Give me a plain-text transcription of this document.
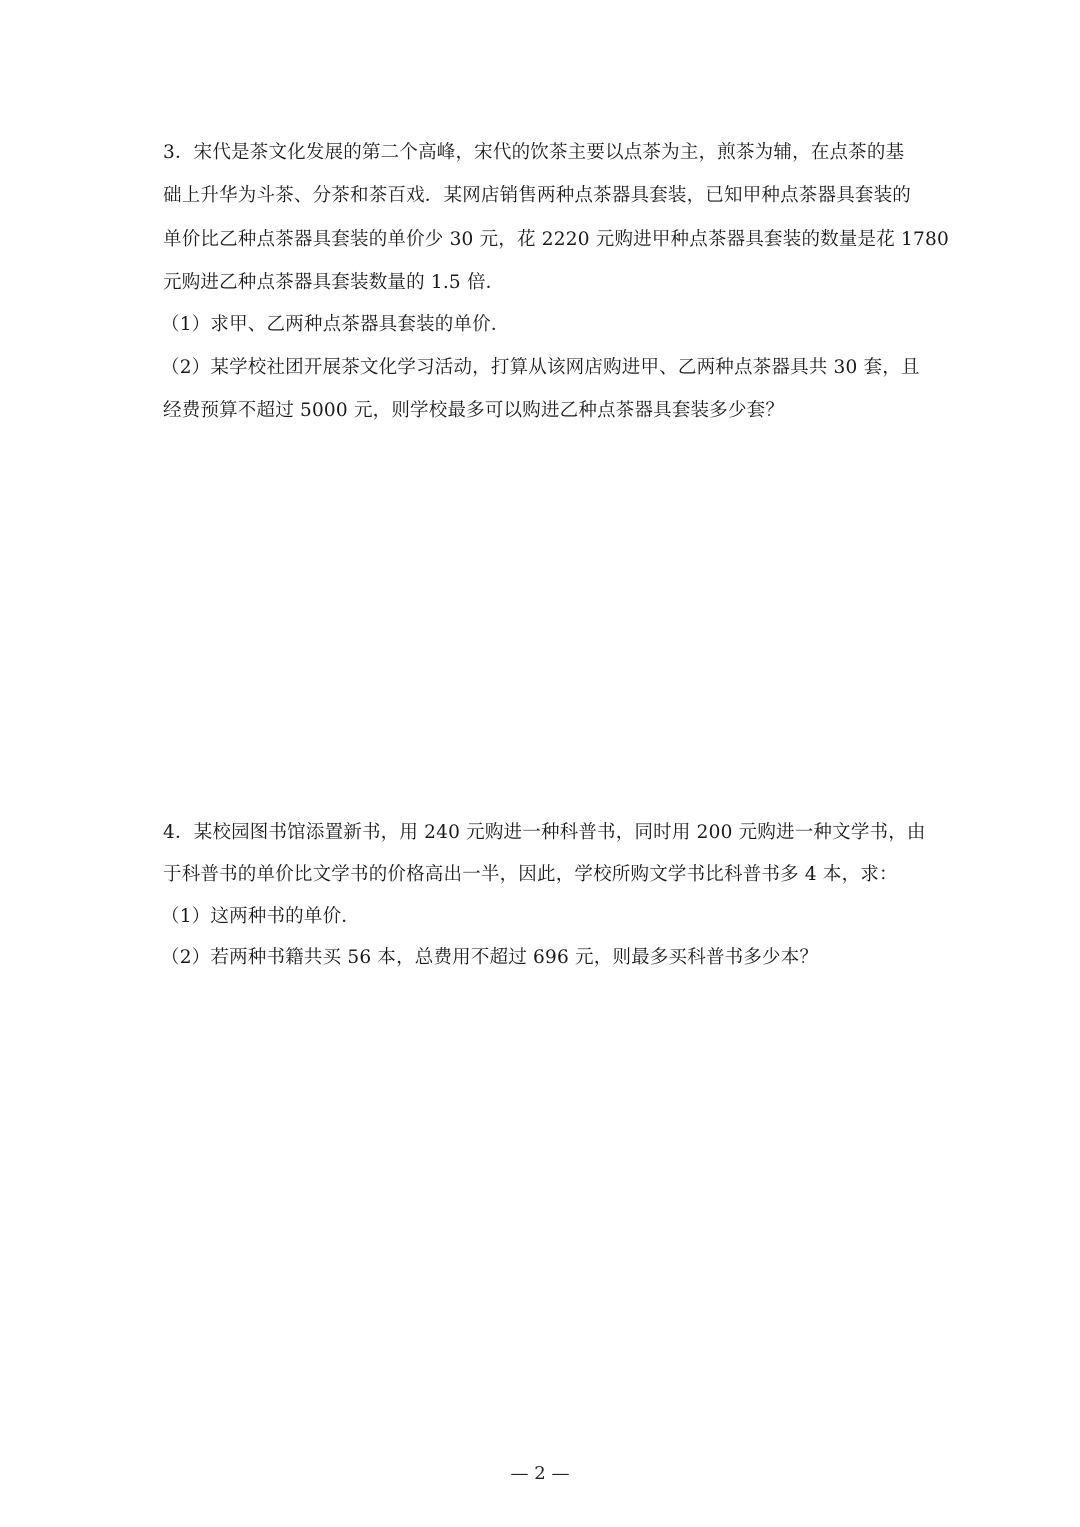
3．宋代是茶文化发展的第二个高峰，宋代的饮茶主要以点茶为主，煎茶为辅，在点茶的基
础上升华为斗茶、分茶和茶百戏．某网店销售两种点茶器具套装，已知甲种点茶器具套装的
单价比乙种点茶器具套装的单价少 30 元，花 2220 元购进甲种点茶器具套装的数量是花 1780
元购进乙种点茶器具套装数量的 1.5 倍．
（1）求甲、乙两种点茶器具套装的单价．
（2）某学校社团开展茶文化学习活动，打算从该网店购进甲、乙两种点茶器具共 30 套，且
经费预算不超过 5000 元，则学校最多可以购进乙种点茶器具套装多少套？
4．某校园图书馆添置新书，用 240 元购进一种科普书，同时用 200 元购进一种文学书，由
于科普书的单价比文学书的价格高出一半，因此，学校所购文学书比科普书多 4 本，求：
（1）这两种书的单价．
（2）若两种书籍共买 56 本，总费用不超过 696 元，则最多买科普书多少本？
— 2 —
